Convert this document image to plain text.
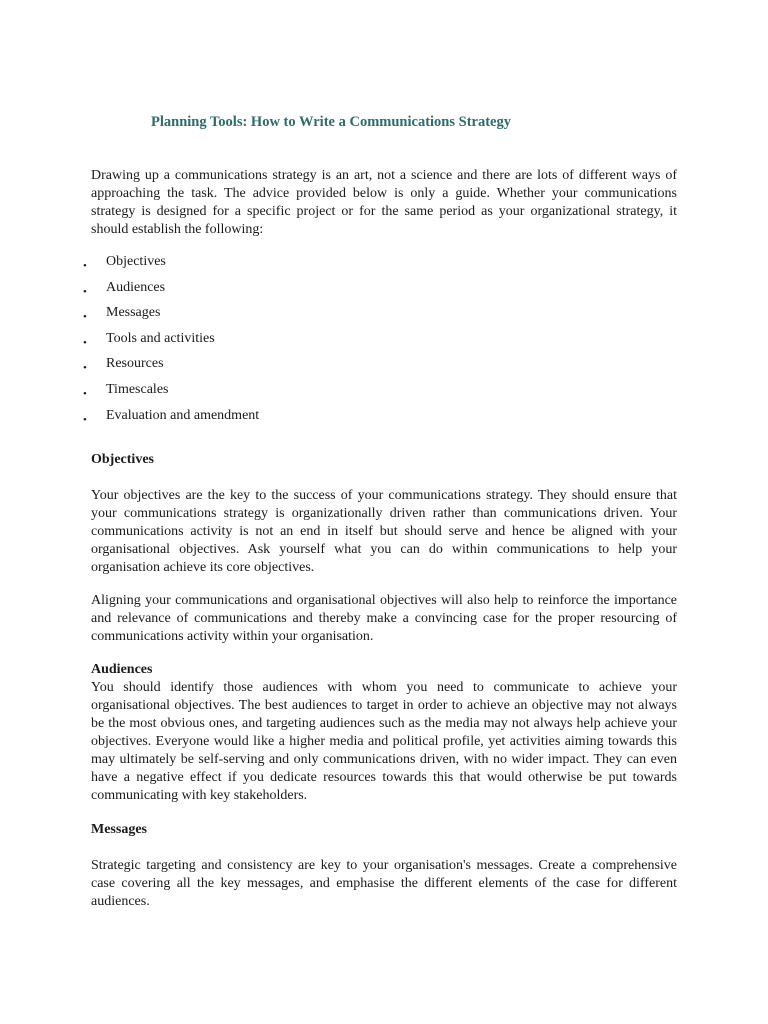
Planning Tools: How to Write a Communications Strategy

Drawing up a communications strategy is an art, not a science and there are lots of different ways of approaching the task. The advice provided below is only a guide. Whether your communications strategy is designed for a specific project or for the same period as your organizational strategy, it should establish the following:

• Objectives
• Audiences
• Messages
• Tools and activities
• Resources
• Timescales
• Evaluation and amendment
Objectives

Your objectives are the key to the success of your communications strategy. They should ensure that your communications strategy is organizationally driven rather than communications driven. Your communications activity is not an end in itself but should serve and hence be aligned with your organisational objectives. Ask yourself what you can do within communications to help your organisation achieve its core objectives.

Aligning your communications and organisational objectives will also help to reinforce the importance and relevance of communications and thereby make a convincing case for the proper resourcing of communications activity within your organisation.

Audiences

You should identify those audiences with whom you need to communicate to achieve your organisational objectives. The best audiences to target in order to achieve an objective may not always be the most obvious ones, and targeting audiences such as the media may not always help achieve your objectives. Everyone would like a higher media and political profile, yet activities aiming towards this may ultimately be self-serving and only communications driven, with no wider impact. They can even have a negative effect if you dedicate resources towards this that would otherwise be put towards communicating with key stakeholders.

Messages

Strategic targeting and consistency are key to your organisation's messages. Create a comprehensive case covering all the key messages, and emphasise the different elements of the case for different audiences.
